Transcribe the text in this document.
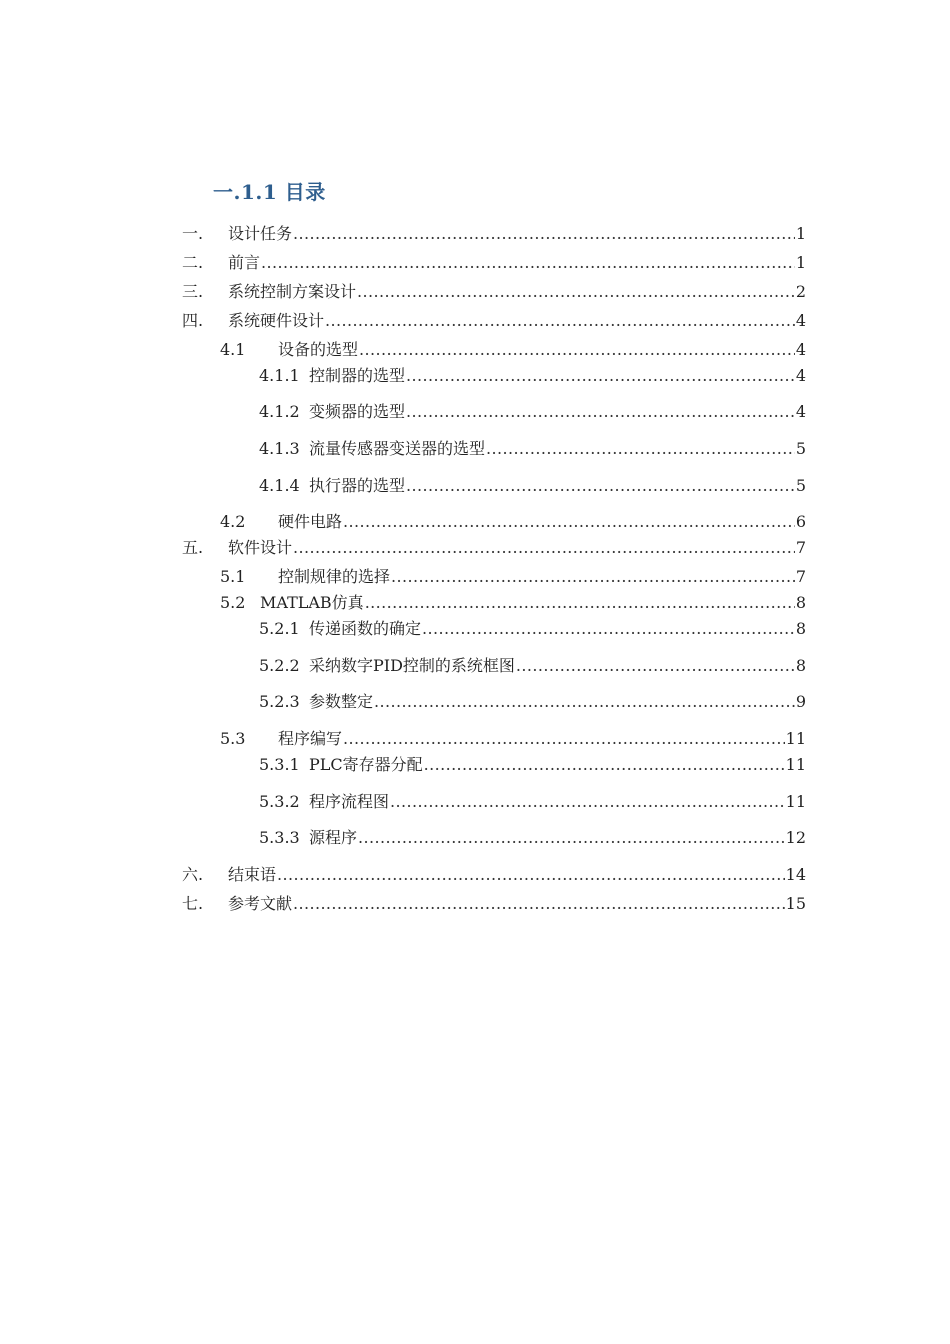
一.1.1 目录
一.	设计任务 .....	1
二.	前言 .....	1
三.	系统控制方案设计 .....	2
四.	系统硬件设计 .....	4
4.1	设备的选型 .....	4
4.1.1 控制器的选型 .....	4
4.1.2 变频器的选型 .....	4
4.1.3 流量传感器变送器的选型 .....	5
4.1.4 执行器的选型 .....	5
4.2	硬件电路 .....	6
五.	软件设计 .....	7
5.1	控制规律的选择 .....	7
5.2 MATLAB仿真 .....	8
5.2.1 传递函数的确定 .....	8
5.2.2 采纳数字PID控制的系统框图 .....	8
5.2.3 参数整定 .....	9
5.3	程序编写 .....	11
5.3.1 PLC寄存器分配 .....	11
5.3.2 程序流程图 .....	11
5.3.3 源程序 .....	12
六.	结束语 .....	14
七.	参考文献 .....	15
